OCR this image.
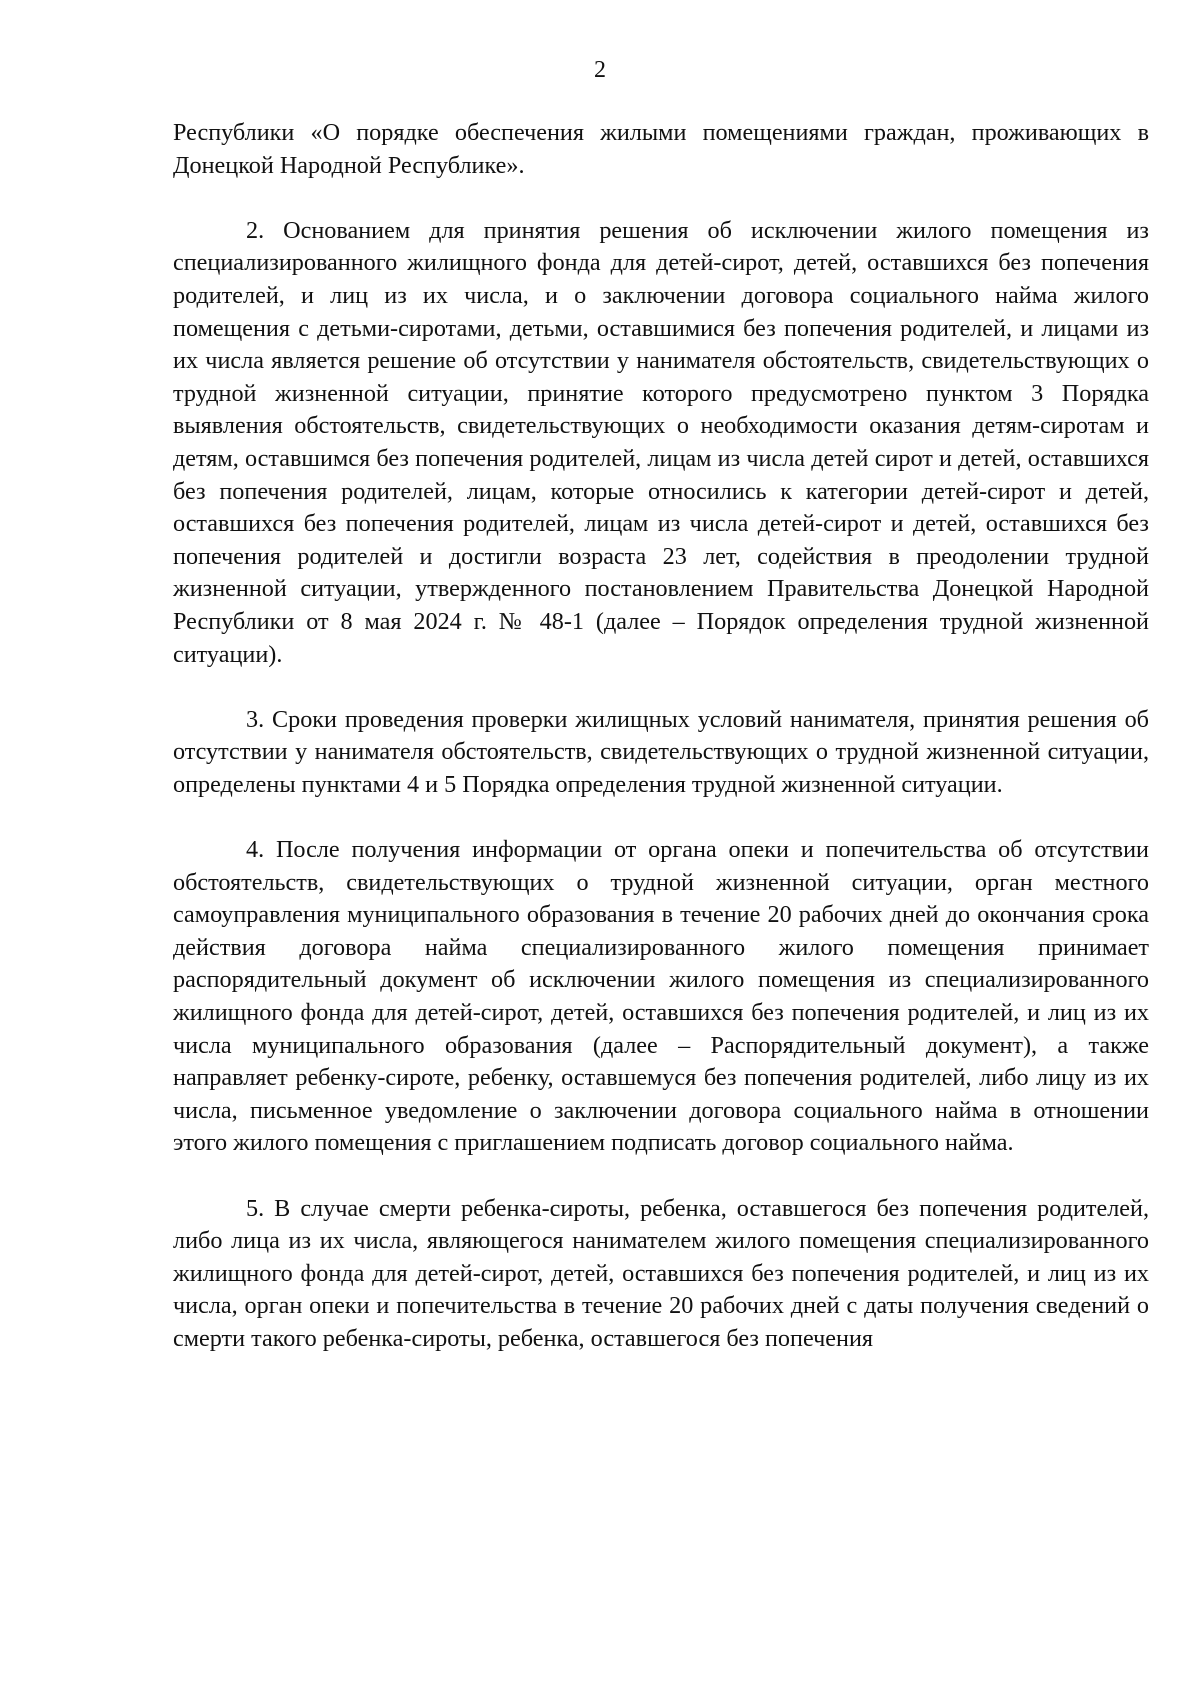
2

Республики «О порядке обеспечения жилыми помещениями граждан, проживающих в Донецкой Народной Республике».

2. Основанием для принятия решения об исключении жилого помещения из специализированного жилищного фонда для детей-сирот, детей, оставшихся без попечения родителей, и лиц из их числа, и о заключении договора социального найма жилого помещения с детьми-сиротами, детьми, оставшимися без попечения родителей, и лицами из их числа является решение об отсутствии у нанимателя обстоятельств, свидетельствующих о трудной жизненной ситуации, принятие которого предусмотрено пунктом 3 Порядка выявления обстоятельств, свидетельствующих о необходимости оказания детям-сиротам и детям, оставшимся без попечения родителей, лицам из числа детей сирот и детей, оставшихся без попечения родителей, лицам, которые относились к категории детей-сирот и детей, оставшихся без попечения родителей, лицам из числа детей-сирот и детей, оставшихся без попечения родителей и достигли возраста 23 лет, содействия в преодолении трудной жизненной ситуации, утвержденного постановлением Правительства Донецкой Народной Республики от 8 мая 2024 г. № 48-1 (далее – Порядок определения трудной жизненной ситуации).

3. Сроки проведения проверки жилищных условий нанимателя, принятия решения об отсутствии у нанимателя обстоятельств, свидетельствующих о трудной жизненной ситуации, определены пунктами 4 и 5 Порядка определения трудной жизненной ситуации.

4. После получения информации от органа опеки и попечительства об отсутствии обстоятельств, свидетельствующих о трудной жизненной ситуации, орган местного самоуправления муниципального образования в течение 20 рабочих дней до окончания срока действия договора найма специализированного жилого помещения принимает распорядительный документ об исключении жилого помещения из специализированного жилищного фонда для детей-сирот, детей, оставшихся без попечения родителей, и лиц из их числа муниципального образования (далее – Распорядительный документ), а также направляет ребенку-сироте, ребенку, оставшемуся без попечения родителей, либо лицу из их числа, письменное уведомление о заключении договора социального найма в отношении этого жилого помещения с приглашением подписать договор социального найма.

5. В случае смерти ребенка-сироты, ребенка, оставшегося без попечения родителей, либо лица из их числа, являющегося нанимателем жилого помещения специализированного жилищного фонда для детей-сирот, детей, оставшихся без попечения родителей, и лиц из их числа, орган опеки и попечительства в течение 20 рабочих дней с даты получения сведений о смерти такого ребенка-сироты, ребенка, оставшегося без попечения
